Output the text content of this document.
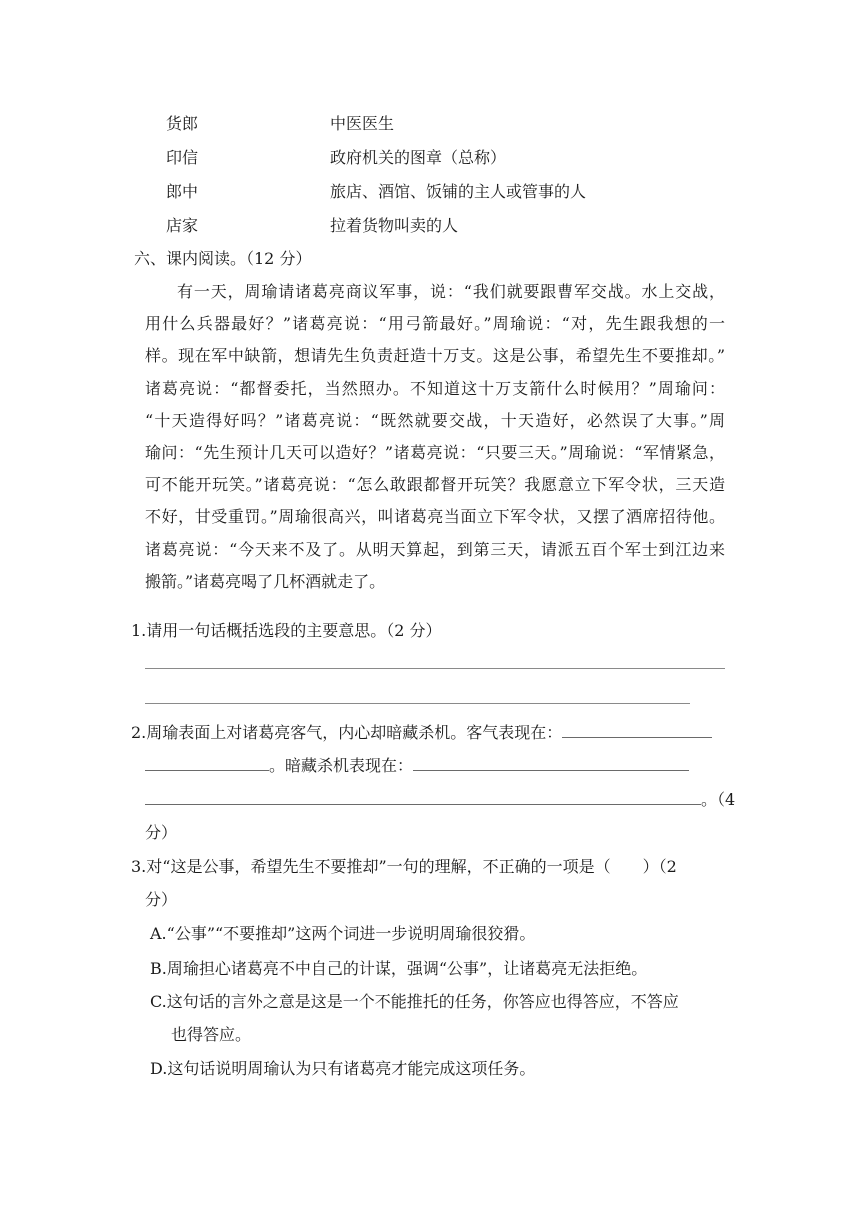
货郎	中医医生
印信	政府机关的图章（总称）
郎中	旅店、酒馆、饭铺的主人或管事的人
店家	拉着货物叫卖的人
六、课内阅读。（12 分）
有一天，周瑜请诸葛亮商议军事，说：“我们就要跟曹军交战。水上交战，
用什么兵器最好？”诸葛亮说：“用弓箭最好。”周瑜说：“对，先生跟我想的一
样。现在军中缺箭，想请先生负责赶造十万支。这是公事，希望先生不要推却。”
诸葛亮说：“都督委托，当然照办。不知道这十万支箭什么时候用？”周瑜问：
“十天造得好吗？”诸葛亮说：“既然就要交战，十天造好，必然误了大事。”周
瑜问：“先生预计几天可以造好？”诸葛亮说：“只要三天。”周瑜说：“军情紧急，
可不能开玩笑。”诸葛亮说：“怎么敢跟都督开玩笑？我愿意立下军令状，三天造
不好，甘受重罚。”周瑜很高兴，叫诸葛亮当面立下军令状，又摆了酒席招待他。
诸葛亮说：“今天来不及了。从明天算起，到第三天，请派五百个军士到江边来
搬箭。”诸葛亮喝了几杯酒就走了。
1.请用一句话概括选段的主要意思。（2 分）
2.周瑜表面上对诸葛亮客气，内心却暗藏杀机。客气表现在：
。暗藏杀机表现在：
。（4
分）
3.对“这是公事，希望先生不要推却”一句的理解，不正确的一项是（　　）（2
分）
A.“公事”“不要推却”这两个词进一步说明周瑜很狡猾。
B.周瑜担心诸葛亮不中自己的计谋，强调“公事”，让诸葛亮无法拒绝。
C.这句话的言外之意是这是一个不能推托的任务，你答应也得答应，不答应
也得答应。
D.这句话说明周瑜认为只有诸葛亮才能完成这项任务。
